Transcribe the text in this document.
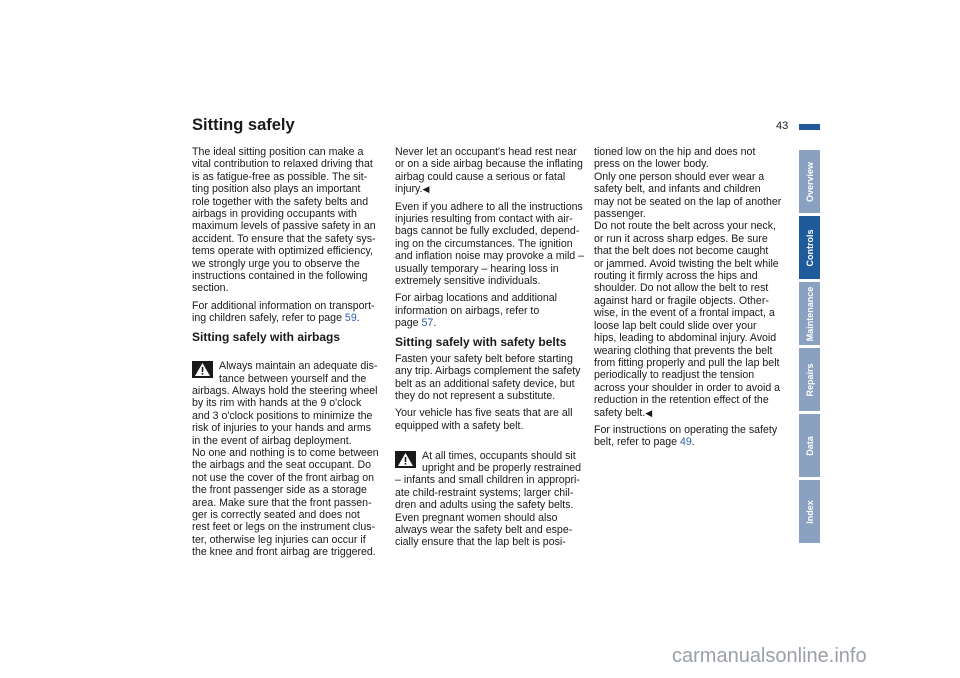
Sitting safely	43

The ideal sitting position can make a
vital contribution to relaxed driving that
is as fatigue-free as possible. The sit-
ting position also plays an important
role together with the safety belts and
airbags in providing occupants with
maximum levels of passive safety in an
accident. To ensure that the safety sys-
tems operate with optimized efficiency,
we strongly urge you to observe the
instructions contained in the following
section.

For additional information on transport-
ing children safely, refer to page 59.

Sitting safely with airbags

Always maintain an adequate dis-
tance between yourself and the
airbags. Always hold the steering wheel
by its rim with hands at the 9 o'clock
and 3 o'clock positions to minimize the
risk of injuries to your hands and arms
in the event of airbag deployment.
No one and nothing is to come between
the airbags and the seat occupant. Do
not use the cover of the front airbag on
the front passenger side as a storage
area. Make sure that the front passen-
ger is correctly seated and does not
rest feet or legs on the instrument clus-
ter, otherwise leg injuries can occur if
the knee and front airbag are triggered.

Never let an occupant's head rest near
or on a side airbag because the inflating
airbag could cause a serious or fatal
injury.◀

Even if you adhere to all the instructions
injuries resulting from contact with air-
bags cannot be fully excluded, depend-
ing on the circumstances. The ignition
and inflation noise may provoke a mild –
usually temporary – hearing loss in
extremely sensitive individuals.

For airbag locations and additional
information on airbags, refer to
page 57.

Sitting safely with safety belts

Fasten your safety belt before starting
any trip. Airbags complement the safety
belt as an additional safety device, but
they do not represent a substitute.

Your vehicle has five seats that are all
equipped with a safety belt.

At all times, occupants should sit
upright and be properly restrained
– infants and small children in appropri-
ate child-restraint systems; larger chil-
dren and adults using the safety belts.
Even pregnant women should also
always wear the safety belt and espe-
cially ensure that the lap belt is posi-

tioned low on the hip and does not
press on the lower body.
Only one person should ever wear a
safety belt, and infants and children
may not be seated on the lap of another
passenger.
Do not route the belt across your neck,
or run it across sharp edges. Be sure
that the belt does not become caught
or jammed. Avoid twisting the belt while
routing it firmly across the hips and
shoulder. Do not allow the belt to rest
against hard or fragile objects. Other-
wise, in the event of a frontal impact, a
loose lap belt could slide over your
hips, leading to abdominal injury. Avoid
wearing clothing that prevents the belt
from fitting properly and pull the lap belt
periodically to readjust the tension
across your shoulder in order to avoid a
reduction in the retention effect of the
safety belt.◀

For instructions on operating the safety
belt, refer to page 49.

Overview
Controls
Maintenance
Repairs
Data
Index
carmanualsonline.info
